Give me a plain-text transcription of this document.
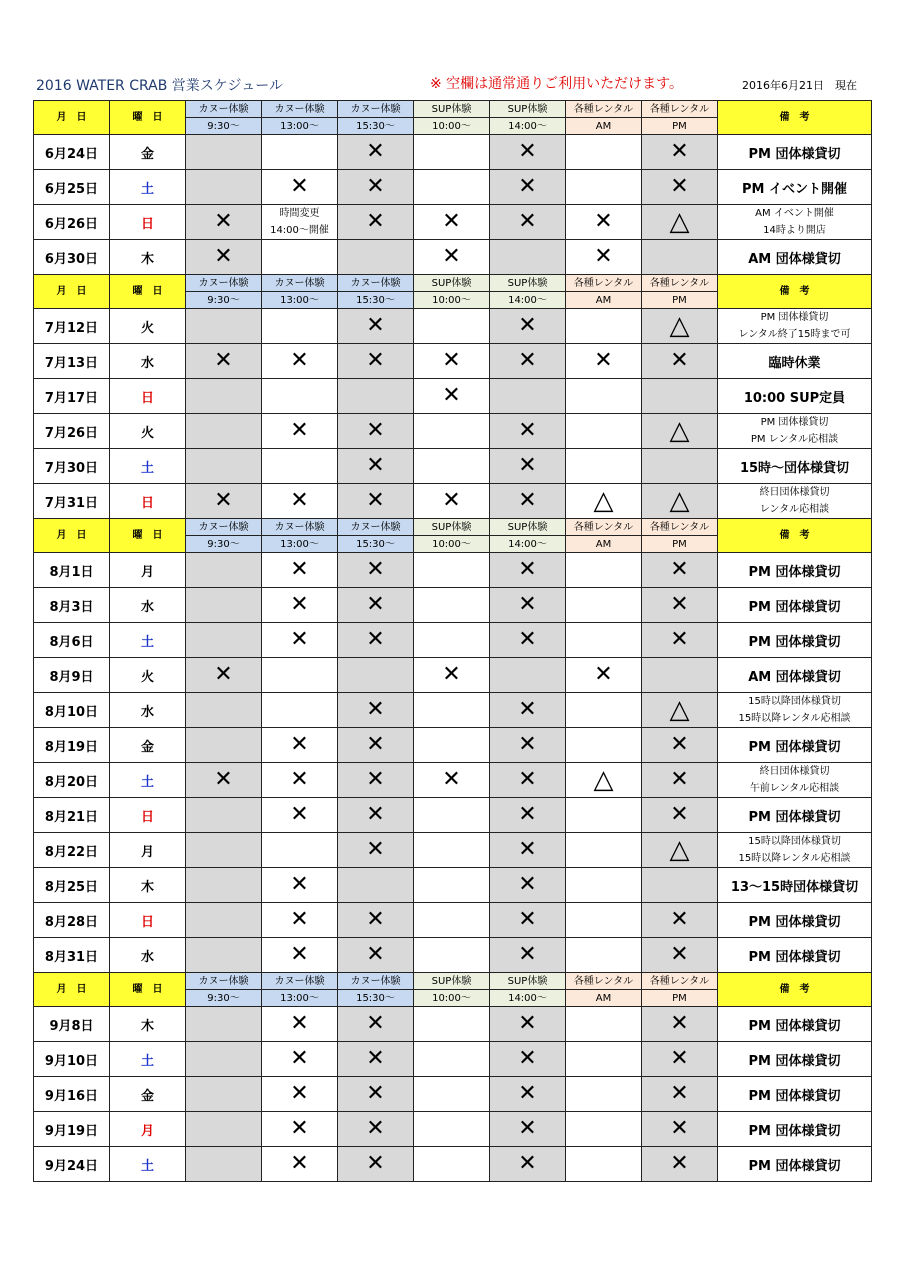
2016 WATER CRAB 営業スケジュール	※ 空欄は通常通りご利用いただけます。	2016年6月21日　現在
月　日	曜　日	カヌー体験	カヌー体験	カヌー体験	SUP体験	SUP体験	各種レンタル	各種レンタル	備　考
		9:30〜	13:00〜	15:30〜	10:00〜	14:00〜	AM	PM	
6月24日	金			✕		✕		✕	PM 団体様貸切

6月25日	土		✕	✕		✕		✕	PM イベント開催

6月26日	日	✕	時間変更
14:00〜開催
	✕	✕	✕	✕	△	AM イベント開催
14時より開店

6月30日	木	✕			✕		✕		AM 団体様貸切

月　日	曜　日	カヌー体験	カヌー体験	カヌー体験	SUP体験	SUP体験	各種レンタル	各種レンタル	備　考
		9:30〜	13:00〜	15:30〜	10:00〜	14:00〜	AM	PM	
7月12日	火			✕		✕		△	PM 団体様貸切
レンタル終了15時まで可

7月13日	水	✕	✕	✕	✕	✕	✕	✕	臨時休業

7月17日	日				✕				10:00 SUP定員

7月26日	火		✕	✕		✕		△	PM 団体様貸切
PM レンタル応相談

7月30日	土			✕		✕			15時〜団体様貸切

7月31日	日	✕	✕	✕	✕	✕	△	△	終日団体様貸切
レンタル応相談

月　日	曜　日	カヌー体験	カヌー体験	カヌー体験	SUP体験	SUP体験	各種レンタル	各種レンタル	備　考
		9:30〜	13:00〜	15:30〜	10:00〜	14:00〜	AM	PM	
8月1日	月		✕	✕		✕		✕	PM 団体様貸切

8月3日	水		✕	✕		✕		✕	PM 団体様貸切

8月6日	土		✕	✕		✕		✕	PM 団体様貸切

8月9日	火	✕			✕		✕		AM 団体様貸切

8月10日	水			✕		✕		△	15時以降団体様貸切
15時以降レンタル応相談

8月19日	金		✕	✕		✕		✕	PM 団体様貸切

8月20日	土	✕	✕	✕	✕	✕	△	✕	終日団体様貸切
午前レンタル応相談

8月21日	日		✕	✕		✕		✕	PM 団体様貸切

8月22日	月			✕		✕		△	15時以降団体様貸切
15時以降レンタル応相談

8月25日	木		✕			✕			13〜15時団体様貸切

8月28日	日		✕	✕		✕		✕	PM 団体様貸切

8月31日	水		✕	✕		✕		✕	PM 団体様貸切

月　日	曜　日	カヌー体験	カヌー体験	カヌー体験	SUP体験	SUP体験	各種レンタル	各種レンタル	備　考
		9:30〜	13:00〜	15:30〜	10:00〜	14:00〜	AM	PM	
9月8日	木		✕	✕		✕		✕	PM 団体様貸切

9月10日	土		✕	✕		✕		✕	PM 団体様貸切

9月16日	金		✕	✕		✕		✕	PM 団体様貸切

9月19日	月		✕	✕		✕		✕	PM 団体様貸切

9月24日	土		✕	✕		✕		✕	PM 団体様貸切
